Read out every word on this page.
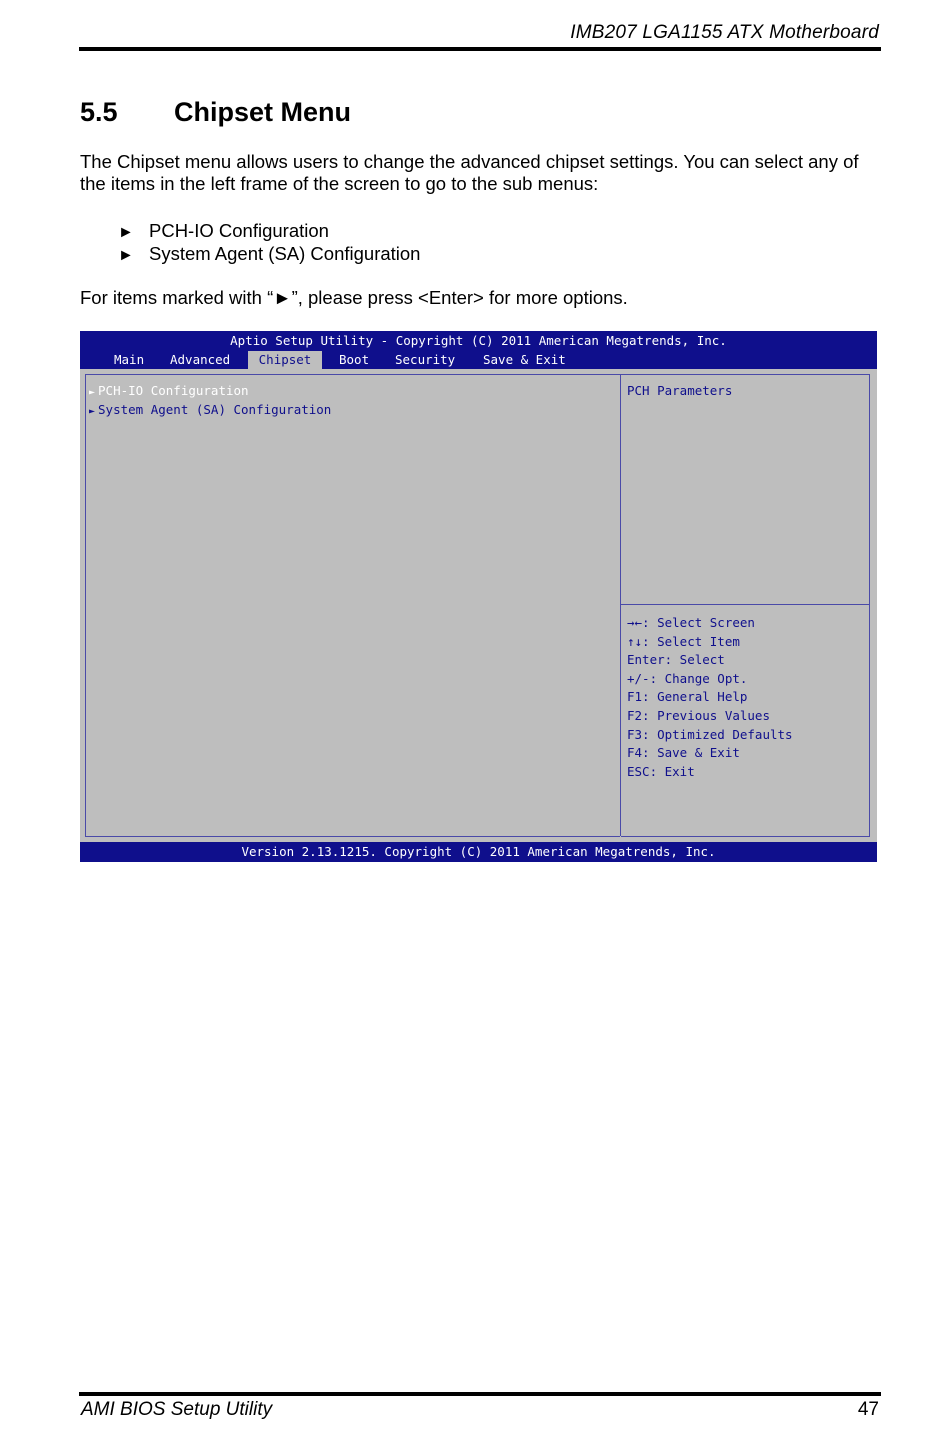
IMB207 LGA1155 ATX Motherboard
5.5 Chipset Menu
The Chipset menu allows users to change the advanced chipset settings. You can select any of the items in the left frame of the screen to go to the sub menus:
► PCH-IO Configuration
► System Agent (SA) Configuration
For items marked with “►”, please press <Enter> for more options.
Aptio Setup Utility - Copyright (C) 2011 American Megatrends, Inc.
Main	Advanced	Chipset	Boot	Security	Save & Exit
► PCH-IO Configuration
► System Agent (SA) Configuration
PCH Parameters
→←: Select Screen
↑↓: Select Item
Enter: Select
+/-: Change Opt.
F1: General Help
F2: Previous Values
F3: Optimized Defaults
F4: Save & Exit
ESC: Exit
Version 2.13.1215. Copyright (C) 2011 American Megatrends, Inc.
AMI BIOS Setup Utility	47
